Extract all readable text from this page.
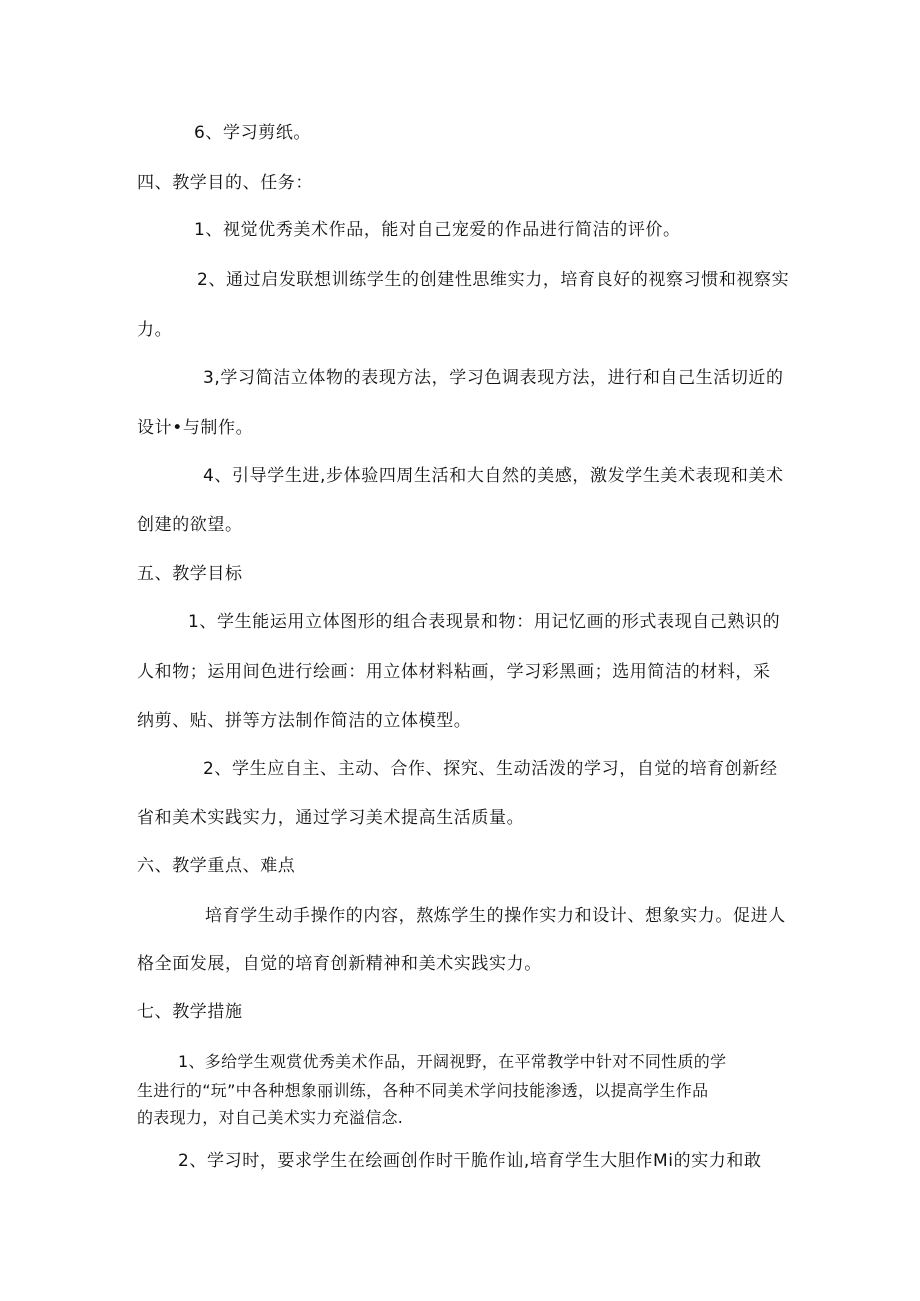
6、学习剪纸。
四、教学目的、任务：
1、视觉优秀美术作品，能对自己宠爱的作品进行简洁的评价。
2、通过启发联想训练学生的创建性思维实力，培育良好的视察习惯和视察实
力。
3,学习简洁立体物的表现方法，学习色调表现方法，进行和自己生活切近的
设计•与制作。
4、引导学生进,步体验四周生活和大自然的美感，激发学生美术表现和美术
创建的欲望。
五、教学目标
1、学生能运用立体图形的组合表现景和物：用记忆画的形式表现自己熟识的
人和物；运用间色进行绘画：用立体材料粘画，学习彩黑画；选用简洁的材料，采
纳剪、贴、拼等方法制作简洁的立体模型。
2、学生应自主、主动、合作、探究、生动活泼的学习，自觉的培育创新经
省和美术实践实力，通过学习美术提高生活质量。
六、教学重点、难点
培育学生动手操作的内容，熬炼学生的操作实力和设计、想象实力。促进人
格全面发展，自觉的培育创新精神和美术实践实力。
七、教学措施
1、多给学生观赏优秀美术作品，开阔视野，在平常教学中针对不同性质的学
生进行的“玩”中各种想象丽训练，各种不同美术学问技能渗透，以提高学生作品
的表现力，对自己美术实力充溢信念.
2、学习时，要求学生在绘画创作时干脆作讪,培育学生大胆作Mi的实力和敢
